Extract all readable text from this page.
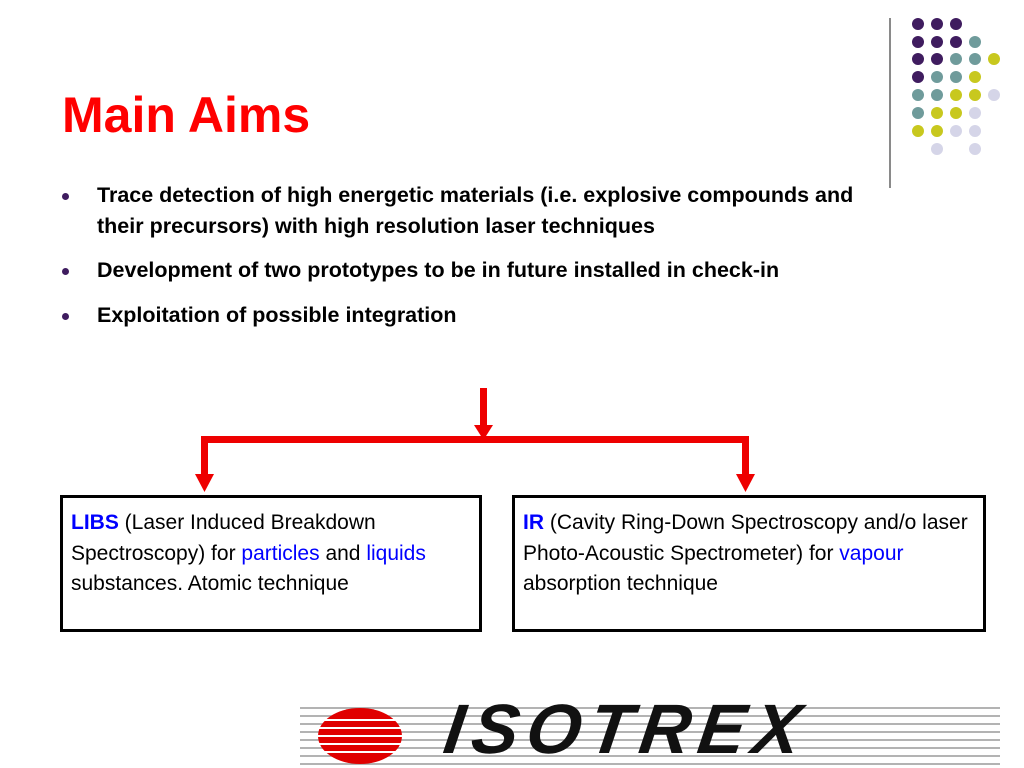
Main Aims
Trace detection of high energetic materials (i.e. explosive compounds and their precursors) with high resolution laser techniques
Development of two prototypes to be in future installed in check-in
Exploitation of possible integration
LIBS (Laser Induced Breakdown Spectroscopy) for particles and liquids substances. Atomic technique
IR (Cavity Ring-Down Spectroscopy and/o laser Photo-Acoustic Spectrometer) for vapour absorption technique
ISOTREX
